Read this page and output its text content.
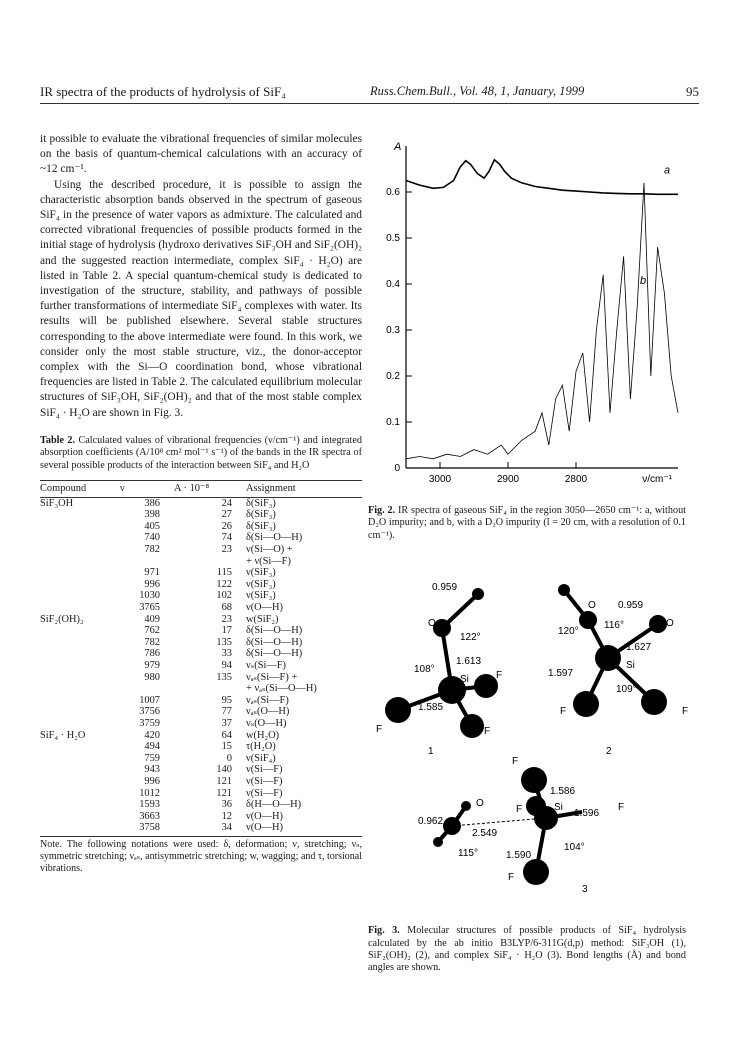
IR spectra of the products of hydrolysis of SiF₄	Russ.Chem.Bull., Vol. 48, 1, January, 1999	95

it possible to evaluate the vibrational frequencies of similar molecules on the basis of quantum-chemical calculations with an accuracy of ~12 cm⁻¹.

Using the described procedure, it is possible to assign the characteristic absorption bands observed in the spectrum of gaseous SiF₄ in the presence of water vapors as admixture. The calculated and corrected vibrational frequencies of possible products formed in the initial stage of hydrolysis (hydroxo derivatives SiF₃OH and SiF₂(OH)₂ and the suggested reaction intermediate, complex SiF₄ · H₂O) are listed in Table 2. A special quantum-chemical study is dedicated to investigation of the structure, stability, and pathways of possible further transformations of intermediate SiF₄ complexes with water. Its results will be published elsewhere. Several stable structures corresponding to the above intermediate were found. In this work, we consider only the most stable structure, viz., the donor-acceptor complex with the Si—O coordination bond, whose vibrational frequencies are listed in Table 2. The calculated equilibrium molecular structures of SiF₃OH, SiF₂(OH)₂ and that of the most stable complex SiF₄ · H₂O are shown in Fig. 3.

Table 2. Calculated values of vibrational frequencies (ν/cm⁻¹) and integrated absorption coefficients (A/10⁸ cm² mol⁻¹ s⁻¹) of the bands in the IR spectra of several possible products of the interaction between SiF₄ and H₂O
Compound	ν	A · 10⁻⁸	Assignment
SiF₃OH	386	24	δ(SiF₃)
	398	27	δ(SiF₃)
	405	26	δ(SiF₃)
	740	74	δ(Si—O—H)
	782	23	ν(Si—O) +
			+ ν(Si—F)
	971	115	ν(SiF₃)
	996	122	ν(SiF₃)
	1030	102	ν(SiF₃)
	3765	68	ν(O—H)
SiF₂(OH)₂	409	23	w(SiF₂)
	762	17	δ(Si—O—H)
	782	135	δ(Si—O—H)
	786	33	δ(Si—O—H)
	979	94	νₛ(Si—F)
	980	135	νₐₛ(Si—F) +
			+ νₐₛ(Si—O—H)
	1007	95	νₐₛ(Si—F)
	3756	77	νₐₛ(O—H)
	3759	37	νₛ(O—H)
SiF₄ · H₂O	420	64	w(H₂O)
	494	15	τ(H₂O)
	759	0	ν(SiF₄)
	943	140	ν(Si—F)
	996	121	ν(Si—F)
	1012	121	ν(Si—F)
	1593	36	δ(H—O—H)
	3663	12	ν(O—H)
	3758	34	ν(O—H)
Note. The following notations were used: δ, deformation; ν, stretching; νₛ, symmetric stretching; νₐₛ, antisymmetric stretching; w, wagging; and τ, torsional vibrations.
0
0.1
0.2
0.3
0.4
0.5
0.6
3000	2900	2800
A
ν/cm⁻¹
a
b
Fig. 2. IR spectra of gaseous SiF₄ in the region 3050—2650 cm⁻¹: a, without D₂O impurity; and b, with a D₂O impurity (l = 20 cm, with a resolution of 0.1 cm⁻¹).
0.959
O
122°
1.613
108°
Si	F
1.585
F	F
1
O 0.959
116°	O
120°
1.627
Si
1.597
109°
F	F
2
F
1.586
O
F	Si
1.596
F
0.962
2.549
115°
104°
1.590
F
3
Fig. 3. Molecular structures of possible products of SiF₄ hydrolysis calculated by the ab initio B3LYP/6-311G(d,p) method: SiF₃OH (1), SiF₂(OH)₂ (2), and complex SiF₄ · H₂O (3). Bond lengths (Å) and bond angles are shown.
